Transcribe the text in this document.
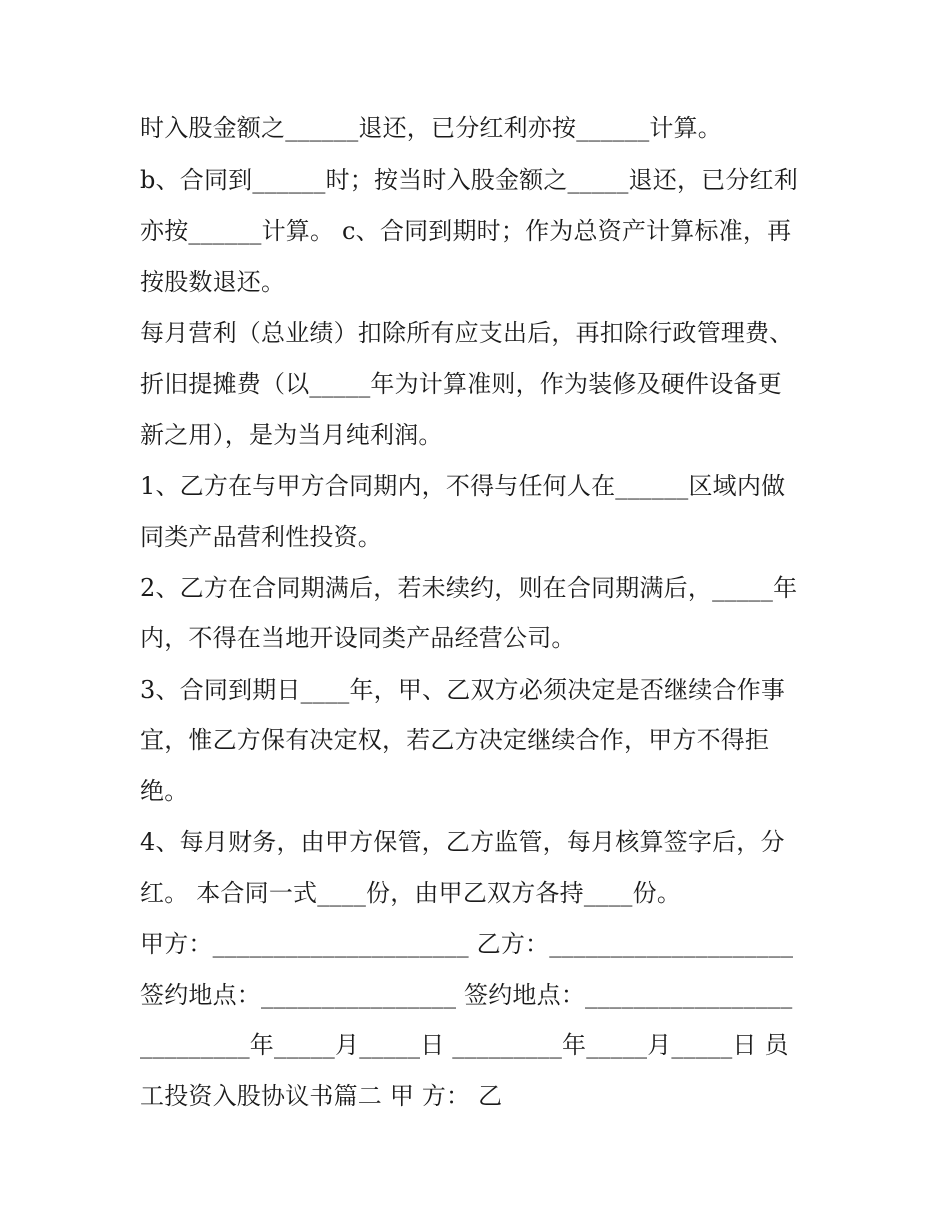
时入股金额之______退还，已分红利亦按______计算。
b、合同到______时；按当时入股金额之_____退还，已分红利
亦按______计算。 c、合同到期时；作为总资产计算标准，再
按股数退还。
每月营利（总业绩）扣除所有应支出后，再扣除行政管理费、
折旧提摊费（以_____年为计算准则，作为装修及硬件设备更
新之用），是为当月纯利润。
1、乙方在与甲方合同期内，不得与任何人在______区域内做
同类产品营利性投资。
2、乙方在合同期满后，若未续约，则在合同期满后，_____年
内，不得在当地开设同类产品经营公司。
3、合同到期日____年，甲、乙双方必须决定是否继续合作事
宜，惟乙方保有决定权，若乙方决定继续合作，甲方不得拒
绝。
4、每月财务，由甲方保管，乙方监管，每月核算签字后，分
红。 本合同一式____份，由甲乙双方各持____份。
甲方：_____________________ 乙方：____________________
签约地点：________________ 签约地点：_________________
_________年_____月_____日 _________年_____月_____日 员
工投资入股协议书篇二 甲 方： 乙
